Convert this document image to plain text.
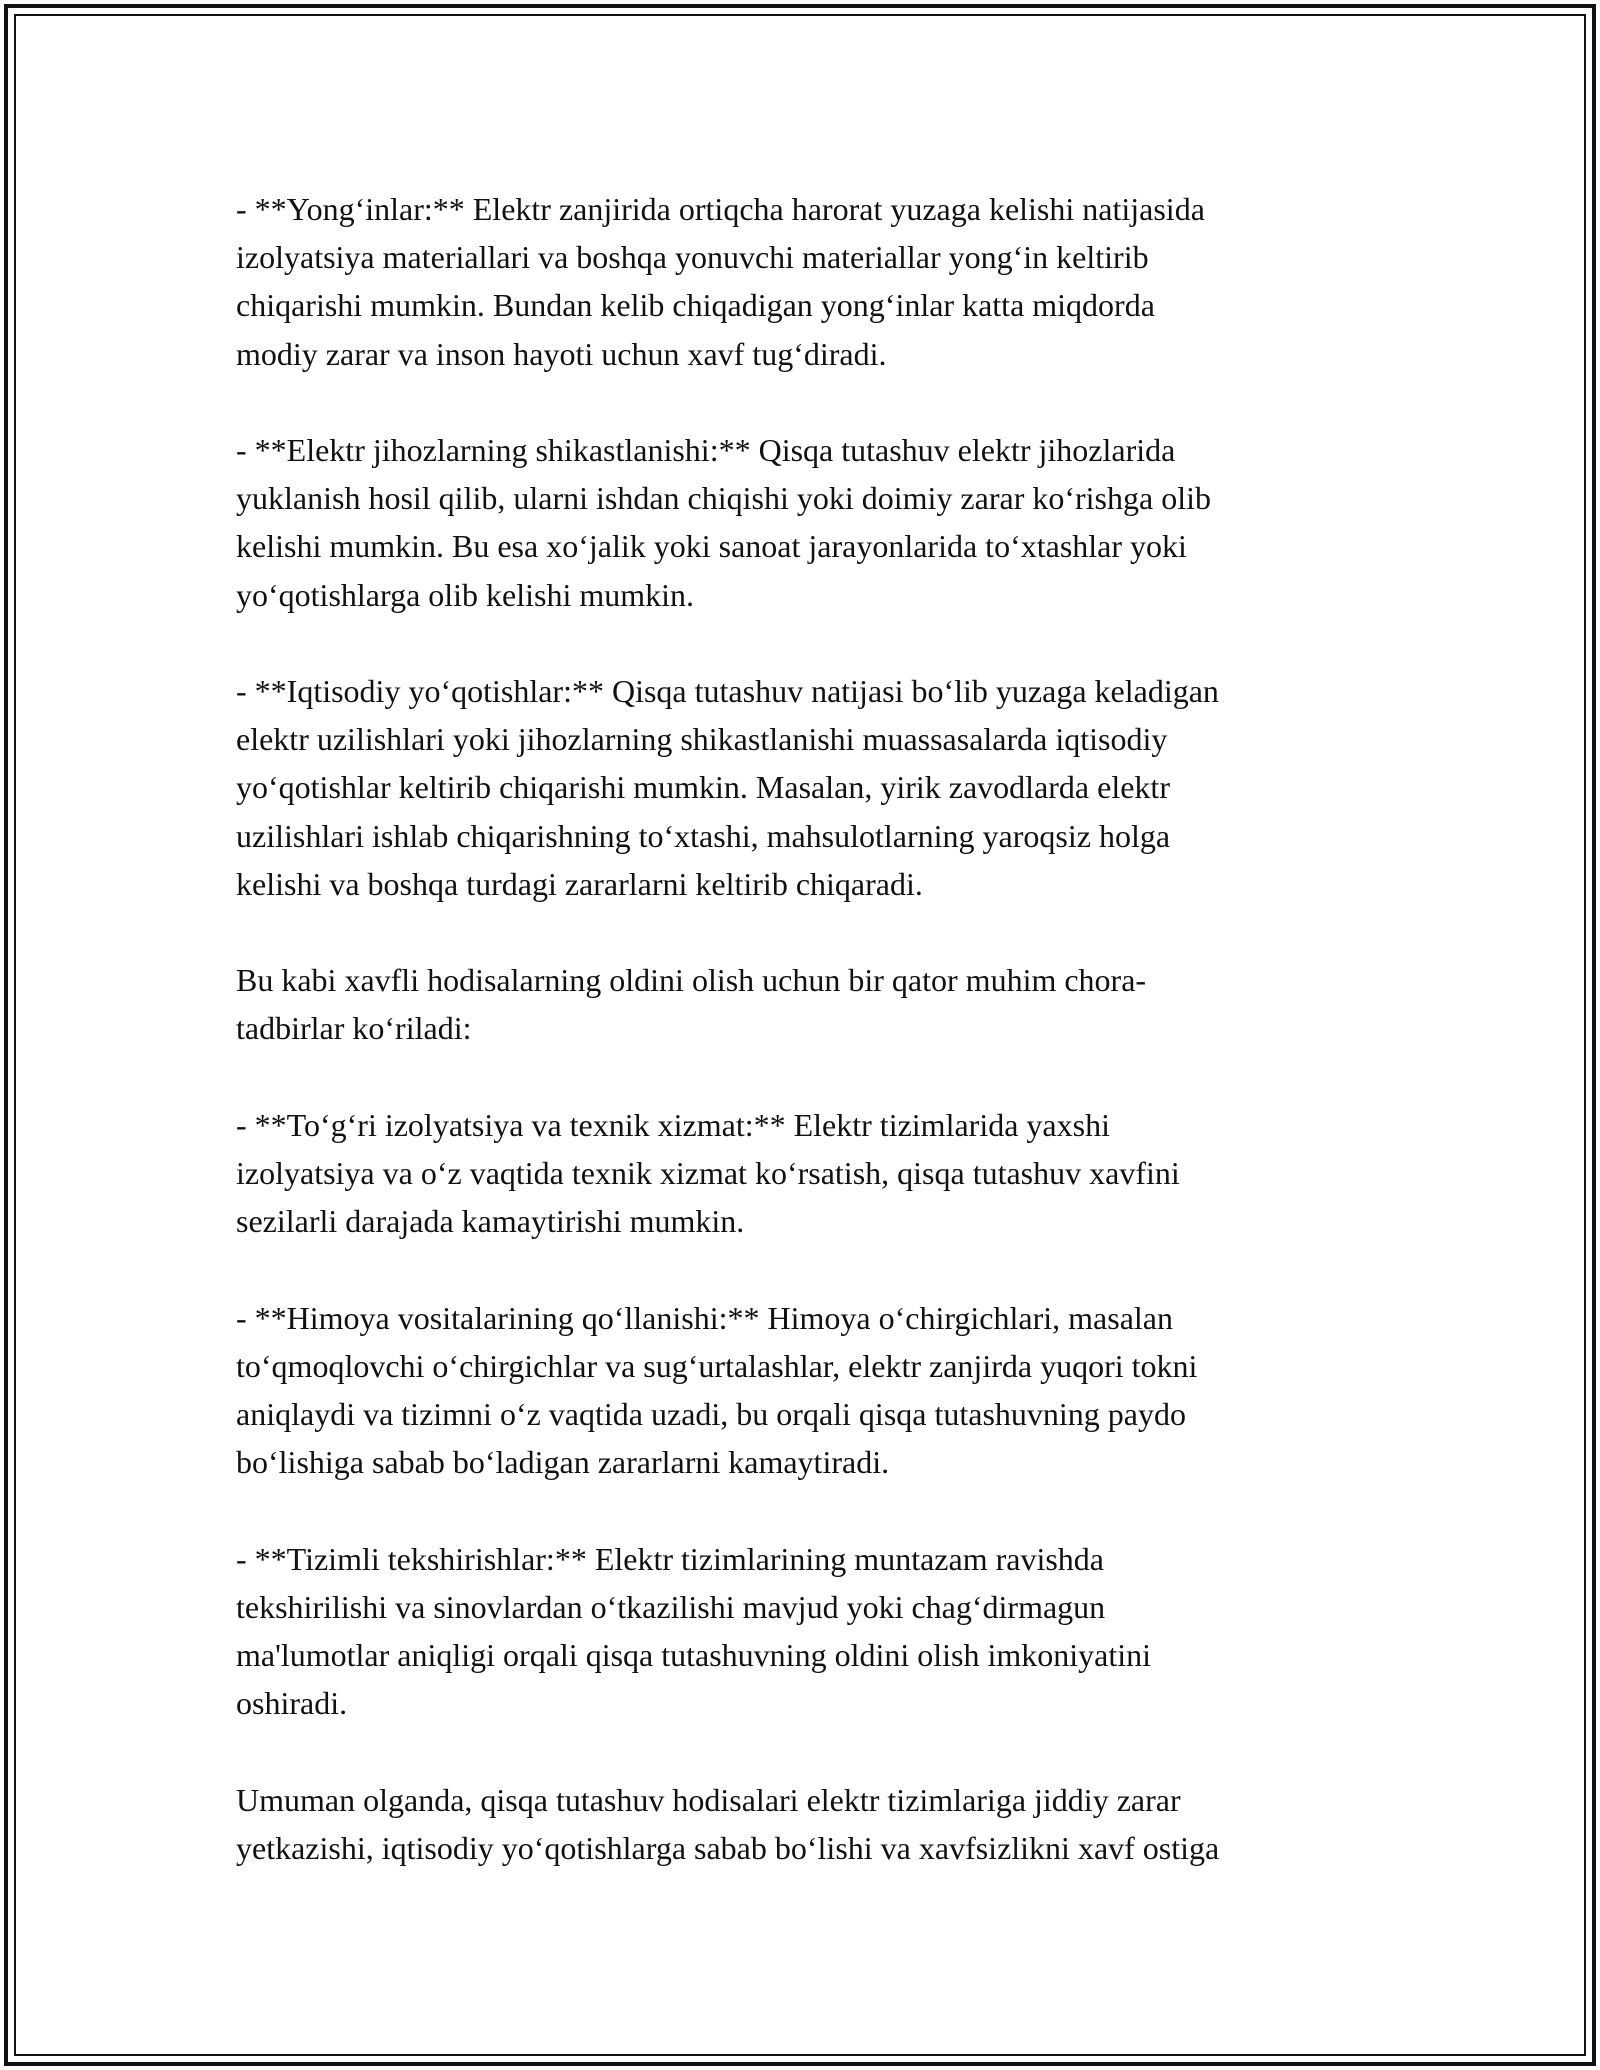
- **Yong‘inlar:** Elektr zanjirida ortiqcha harorat yuzaga kelishi natijasida
izolyatsiya materiallari va boshqa yonuvchi materiallar yong‘in keltirib
chiqarishi mumkin. Bundan kelib chiqadigan yong‘inlar katta miqdorda
modiy zarar va inson hayoti uchun xavf tug‘diradi.

- **Elektr jihozlarning shikastlanishi:** Qisqa tutashuv elektr jihozlarida
yuklanish hosil qilib, ularni ishdan chiqishi yoki doimiy zarar ko‘rishga olib
kelishi mumkin. Bu esa xo‘jalik yoki sanoat jarayonlarida to‘xtashlar yoki
yo‘qotishlarga olib kelishi mumkin.

- **Iqtisodiy yo‘qotishlar:** Qisqa tutashuv natijasi bo‘lib yuzaga keladigan
elektr uzilishlari yoki jihozlarning shikastlanishi muassasalarda iqtisodiy
yo‘qotishlar keltirib chiqarishi mumkin. Masalan, yirik zavodlarda elektr
uzilishlari ishlab chiqarishning to‘xtashi, mahsulotlarning yaroqsiz holga
kelishi va boshqa turdagi zararlarni keltirib chiqaradi.

Bu kabi xavfli hodisalarning oldini olish uchun bir qator muhim chora-
tadbirlar ko‘riladi:

- **To‘g‘ri izolyatsiya va texnik xizmat:** Elektr tizimlarida yaxshi
izolyatsiya va o‘z vaqtida texnik xizmat ko‘rsatish, qisqa tutashuv xavfini
sezilarli darajada kamaytirishi mumkin.

- **Himoya vositalarining qo‘llanishi:** Himoya o‘chirgichlari, masalan
to‘qmoqlovchi o‘chirgichlar va sug‘urtalashlar, elektr zanjirda yuqori tokni
aniqlaydi va tizimni o‘z vaqtida uzadi, bu orqali qisqa tutashuvning paydo
bo‘lishiga sabab bo‘ladigan zararlarni kamaytiradi.

- **Tizimli tekshirishlar:** Elektr tizimlarining muntazam ravishda
tekshirilishi va sinovlardan o‘tkazilishi mavjud yoki chag‘dirmagun
ma'lumotlar aniqligi orqali qisqa tutashuvning oldini olish imkoniyatini
oshiradi.

Umuman olganda, qisqa tutashuv hodisalari elektr tizimlariga jiddiy zarar
yetkazishi, iqtisodiy yo‘qotishlarga sabab bo‘lishi va xavfsizlikni xavf ostiga
